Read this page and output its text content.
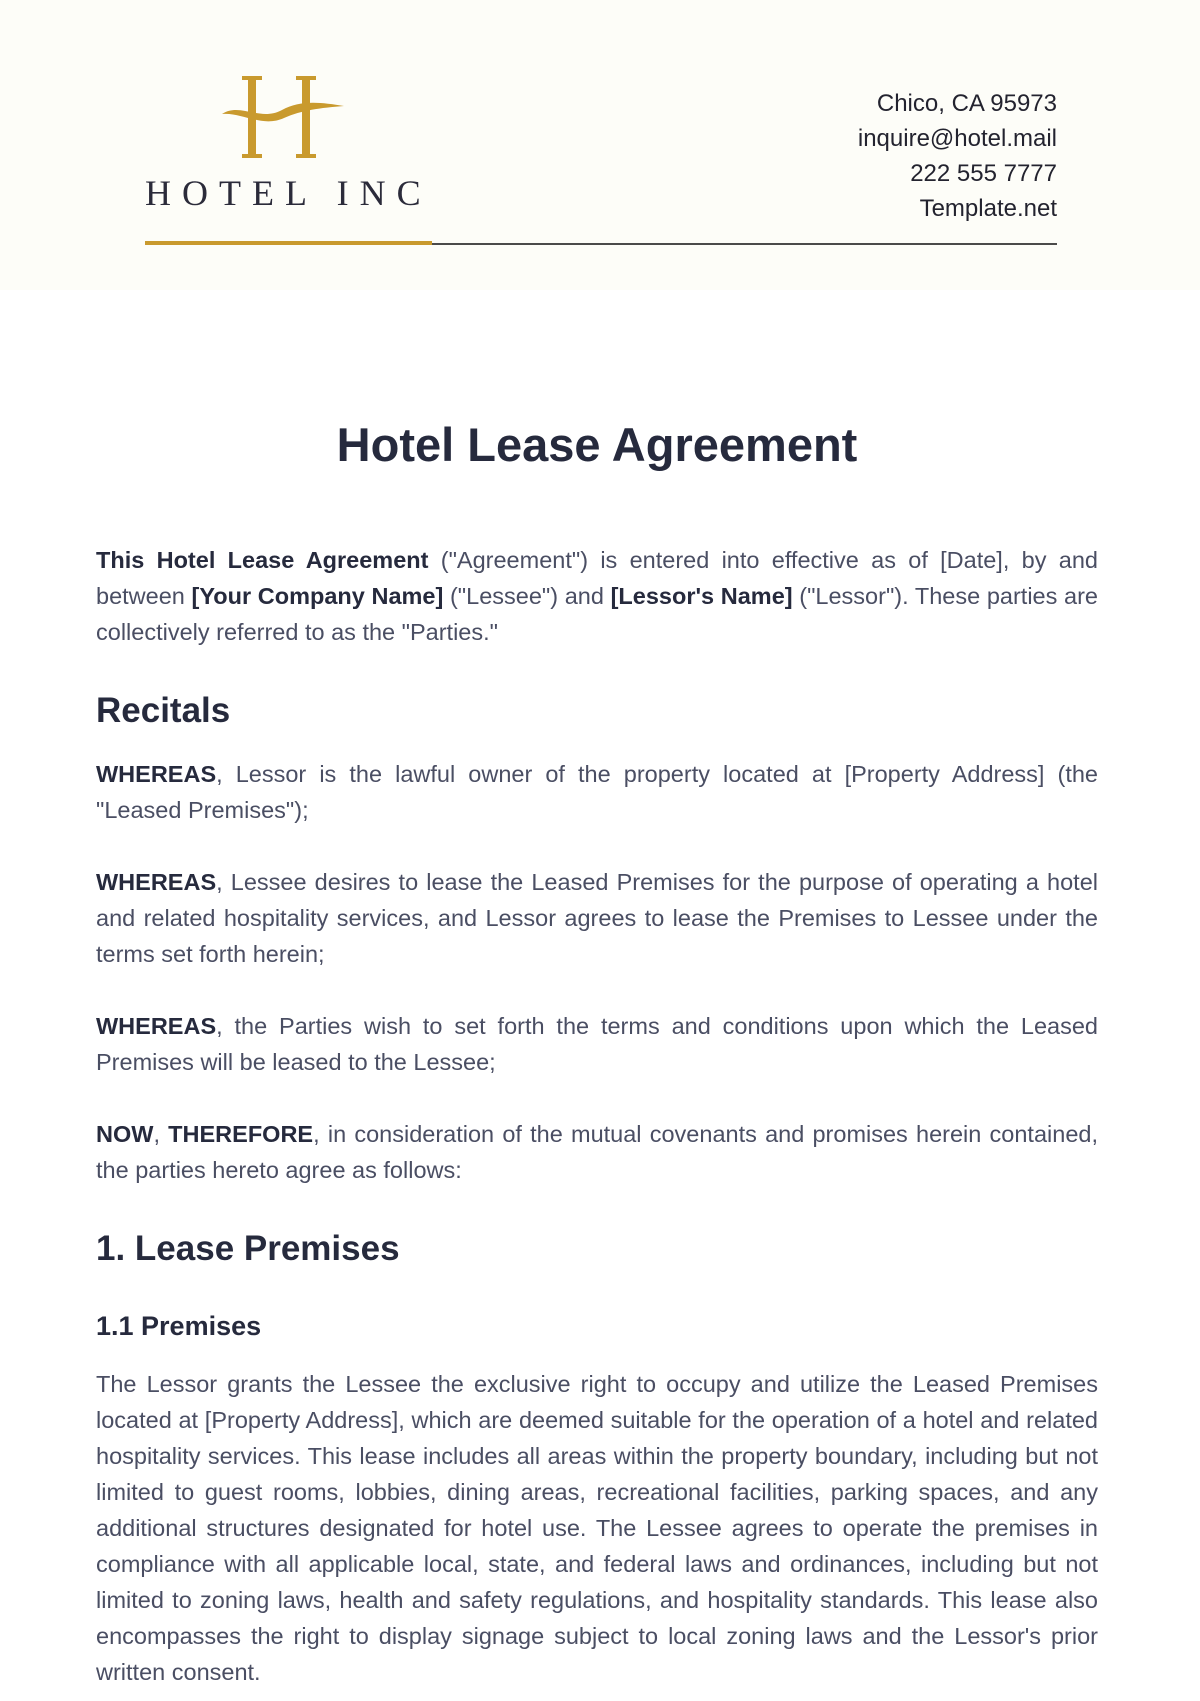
HOTEL INC
Chico, CA 95973
inquire@hotel.mail
222 555 7777
Template.net
Hotel Lease Agreement

This Hotel Lease Agreement ("Agreement") is entered into effective as of [Date], by and between [Your Company Name] ("Lessee") and [Lessor's Name] ("Lessor"). These parties are collectively referred to as the "Parties."

Recitals

WHEREAS, Lessor is the lawful owner of the property located at [Property Address] (the "Leased Premises");

WHEREAS, Lessee desires to lease the Leased Premises for the purpose of operating a hotel and related hospitality services, and Lessor agrees to lease the Premises to Lessee under the terms set forth herein;

WHEREAS, the Parties wish to set forth the terms and conditions upon which the Leased Premises will be leased to the Lessee;

NOW, THEREFORE, in consideration of the mutual covenants and promises herein contained, the parties hereto agree as follows:

1. Lease Premises
1.1 Premises

The Lessor grants the Lessee the exclusive right to occupy and utilize the Leased Premises located at [Property Address], which are deemed suitable for the operation of a hotel and related hospitality services. This lease includes all areas within the property boundary, including but not limited to guest rooms, lobbies, dining areas, recreational facilities, parking spaces, and any additional structures designated for hotel use. The Lessee agrees to operate the premises in compliance with all applicable local, state, and federal laws and ordinances, including but not limited to zoning laws, health and safety regulations, and hospitality standards. This lease also encompasses the right to display signage subject to local zoning laws and the Lessor's prior written consent.
